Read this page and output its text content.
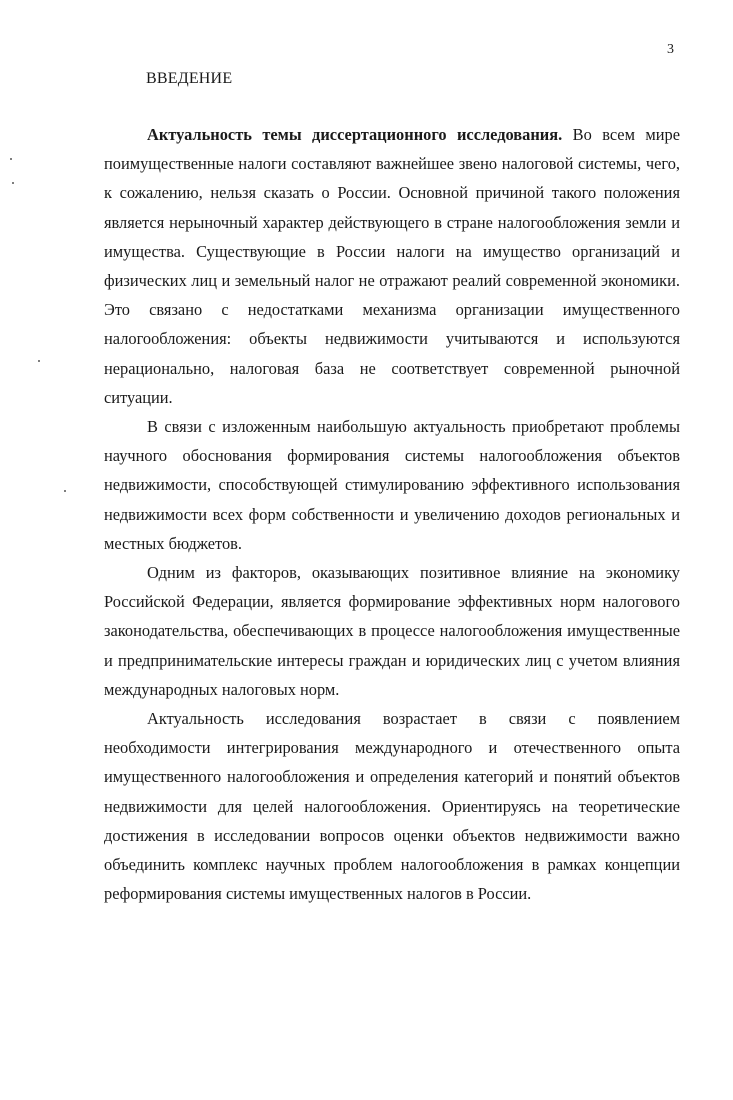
3
ВВЕДЕНИЕ

Актуальность темы диссертационного исследования. Во всем мире поимущественные налоги составляют важнейшее звено налоговой системы, чего, к сожалению, нельзя сказать о России. Основной причиной такого положения является нерыночный характер действующего в стране налогообложения земли и имущества. Существующие в России налоги на имущество организаций и физических лиц и земельный налог не отражают реалий современной экономики. Это связано с недостатками механизма организации имущественного налогообложения: объекты недвижимости учитываются и используются нерационально, налоговая база не соответствует современной рыночной ситуации.

В связи с изложенным наибольшую актуальность приобретают проблемы научного обоснования формирования системы налогообложения объектов недвижимости, способствующей стимулированию эффективного использования недвижимости всех форм собственности и увеличению доходов региональных и местных бюджетов.

Одним из факторов, оказывающих позитивное влияние на экономику Российской Федерации, является формирование эффективных норм налогового законодательства, обеспечивающих в процессе налогообложения имущественные и предпринимательские интересы граждан и юридических лиц с учетом влияния международных налоговых норм.

Актуальность исследования возрастает в связи с появлением необходимости интегрирования международного и отечественного опыта имущественного налогообложения и определения категорий и понятий объектов недвижимости для целей налогообложения. Ориентируясь на теоретические достижения в исследовании вопросов оценки объектов недвижимости важно объединить комплекс научных проблем налогообложения в рамках концепции реформирования системы имущественных налогов в России.
